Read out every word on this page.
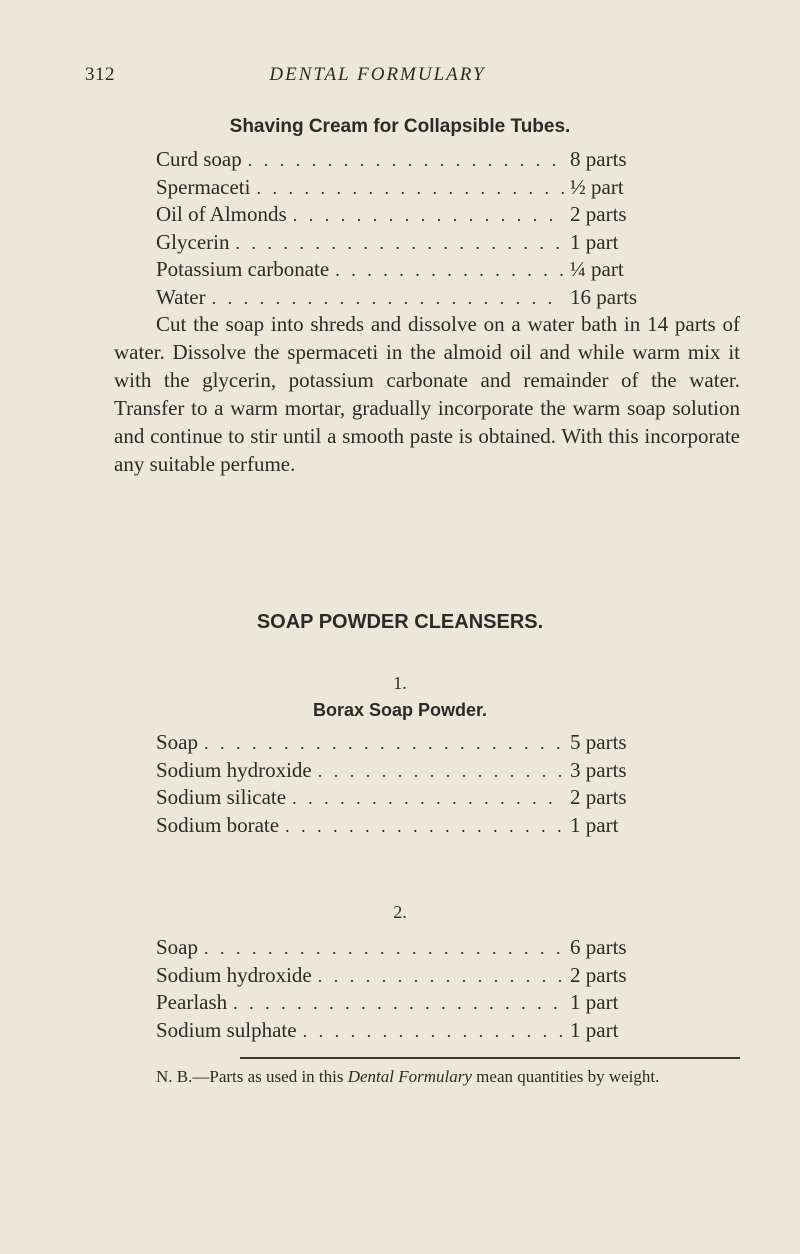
312	DENTAL FORMULARY
Shaving Cream for Collapsible Tubes.
Curd soap . . .	8 parts
Spermaceti . . .	½ part
Oil of Almonds . . .	2 parts
Glycerin . . .	1 part
Potassium carbonate . . .	¼ part
Water . . .	16 parts

Cut the soap into shreds and dissolve on a water bath in 14 parts of water. Dissolve the spermaceti in the almoid oil and while warm mix it with the glycerin, potassium carbonate and remainder of the water. Transfer to a warm mortar, gradually incorporate the warm soap solution and continue to stir until a smooth paste is obtained. With this incorporate any suitable perfume.

SOAP POWDER CLEANSERS.
1.
Borax Soap Powder.
Soap . . .	5 parts
Sodium hydroxide . . .	3 parts
Sodium silicate . . .	2 parts
Sodium borate . . .	1 part
2.
Soap . . .	6 parts
Sodium hydroxide . . .	2 parts
Pearlash . . .	1 part
Sodium sulphate . . .	1 part

N. B.—Parts as used in this Dental Formulary mean quantities by weight.
